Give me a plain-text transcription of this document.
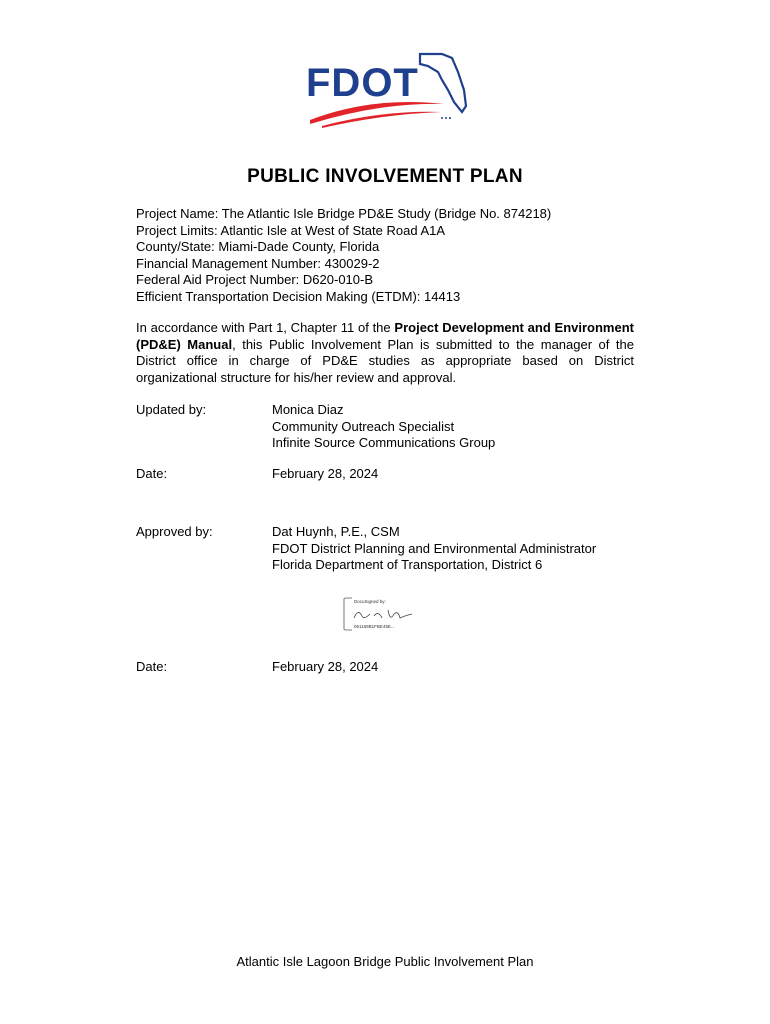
FDOT
PUBLIC INVOLVEMENT PLAN
Project Name: The Atlantic Isle Bridge PD&E Study (Bridge No. 874218)
Project Limits: Atlantic Isle at West of State Road A1A
County/State: Miami-Dade County, Florida
Financial Management Number: 430029-2
Federal Aid Project Number: D620-010-B
Efficient Transportation Decision Making (ETDM): 14413
In accordance with Part 1, Chapter 11 of the Project Development and Environment (PD&E) Manual, this Public Involvement Plan is submitted to the manager of the District office in charge of PD&E studies as appropriate based on District organizational structure for his/her review and approval.
Updated by:	Monica Diaz
Community Outreach Specialist
Infinite Source Communications Group
Date:	February 28, 2024
Approved by:	Dat Huynh, P.E., CSM
FDOT District Planning and Environmental Administrator
Florida Department of Transportation, District 6
DocuSigned by:
061169B1FBE45E...
Date:	February 28, 2024
Atlantic Isle Lagoon Bridge Public Involvement Plan
